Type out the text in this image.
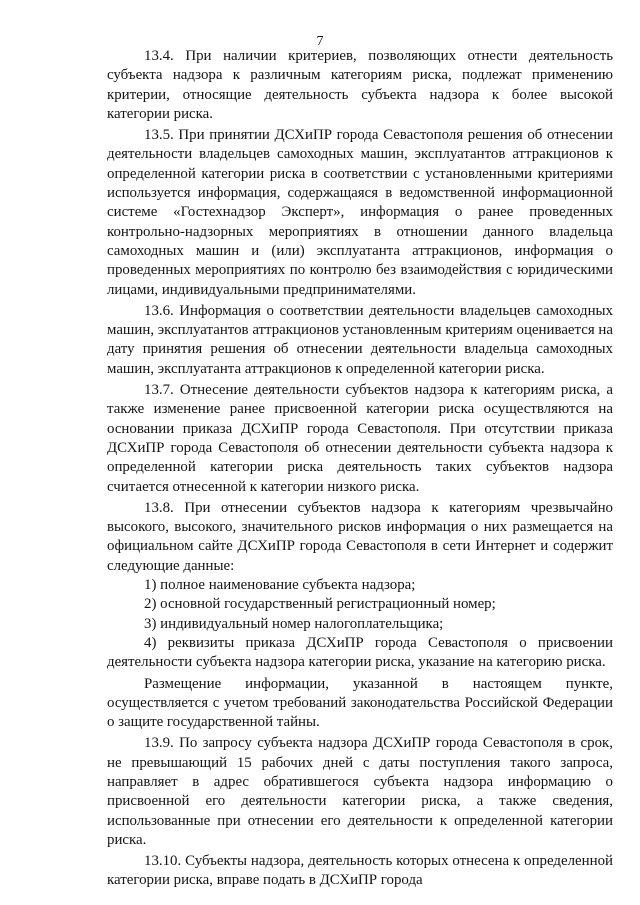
7

13.4. При наличии критериев, позволяющих отнести деятельность субъекта надзора к различным категориям риска, подлежат применению критерии, относящие деятельность субъекта надзора к более высокой категории риска.

13.5. При принятии ДСХиПР города Севастополя решения об отнесении деятельности владельцев самоходных машин, эксплуатантов аттракционов к определенной категории риска в соответствии с установленными критериями используется информация, содержащаяся в ведомственной информационной системе «Гостехнадзор Эксперт», информация о ранее проведенных контрольно-надзорных мероприятиях в отношении данного владельца самоходных машин и (или) эксплуатанта аттракционов, информация о проведенных мероприятиях по контролю без взаимодействия с юридическими лицами, индивидуальными предпринимателями.

13.6. Информация о соответствии деятельности владельцев самоходных машин, эксплуатантов аттракционов установленным критериям оценивается на дату принятия решения об отнесении деятельности владельца самоходных машин, эксплуатанта аттракционов к определенной категории риска.

13.7. Отнесение деятельности субъектов надзора к категориям риска, а также изменение ранее присвоенной категории риска осуществляются на основании приказа ДСХиПР города Севастополя. При отсутствии приказа ДСХиПР города Севастополя об отнесении деятельности субъекта надзора к определенной категории риска деятельность таких субъектов надзора считается отнесенной к категории низкого риска.

13.8. При отнесении субъектов надзора к категориям чрезвычайно высокого, высокого, значительного рисков информация о них размещается на официальном сайте ДСХиПР города Севастополя в сети Интернет и содержит следующие данные:

1) полное наименование субъекта надзора;

2) основной государственный регистрационный номер;

3) индивидуальный номер налогоплательщика;

4) реквизиты приказа ДСХиПР города Севастополя о присвоении деятельности субъекта надзора категории риска, указание на категорию риска.

Размещение информации, указанной в настоящем пункте, осуществляется с учетом требований законодательства Российской Федерации о защите государственной тайны.

13.9. По запросу субъекта надзора ДСХиПР города Севастополя в срок, не превышающий 15 рабочих дней с даты поступления такого запроса, направляет в адрес обратившегося субъекта надзора информацию о присвоенной его деятельности категории риска, а также сведения, использованные при отнесении его деятельности к определенной категории риска.

13.10. Субъекты надзора, деятельность которых отнесена к определенной категории риска, вправе подать в ДСХиПР города
